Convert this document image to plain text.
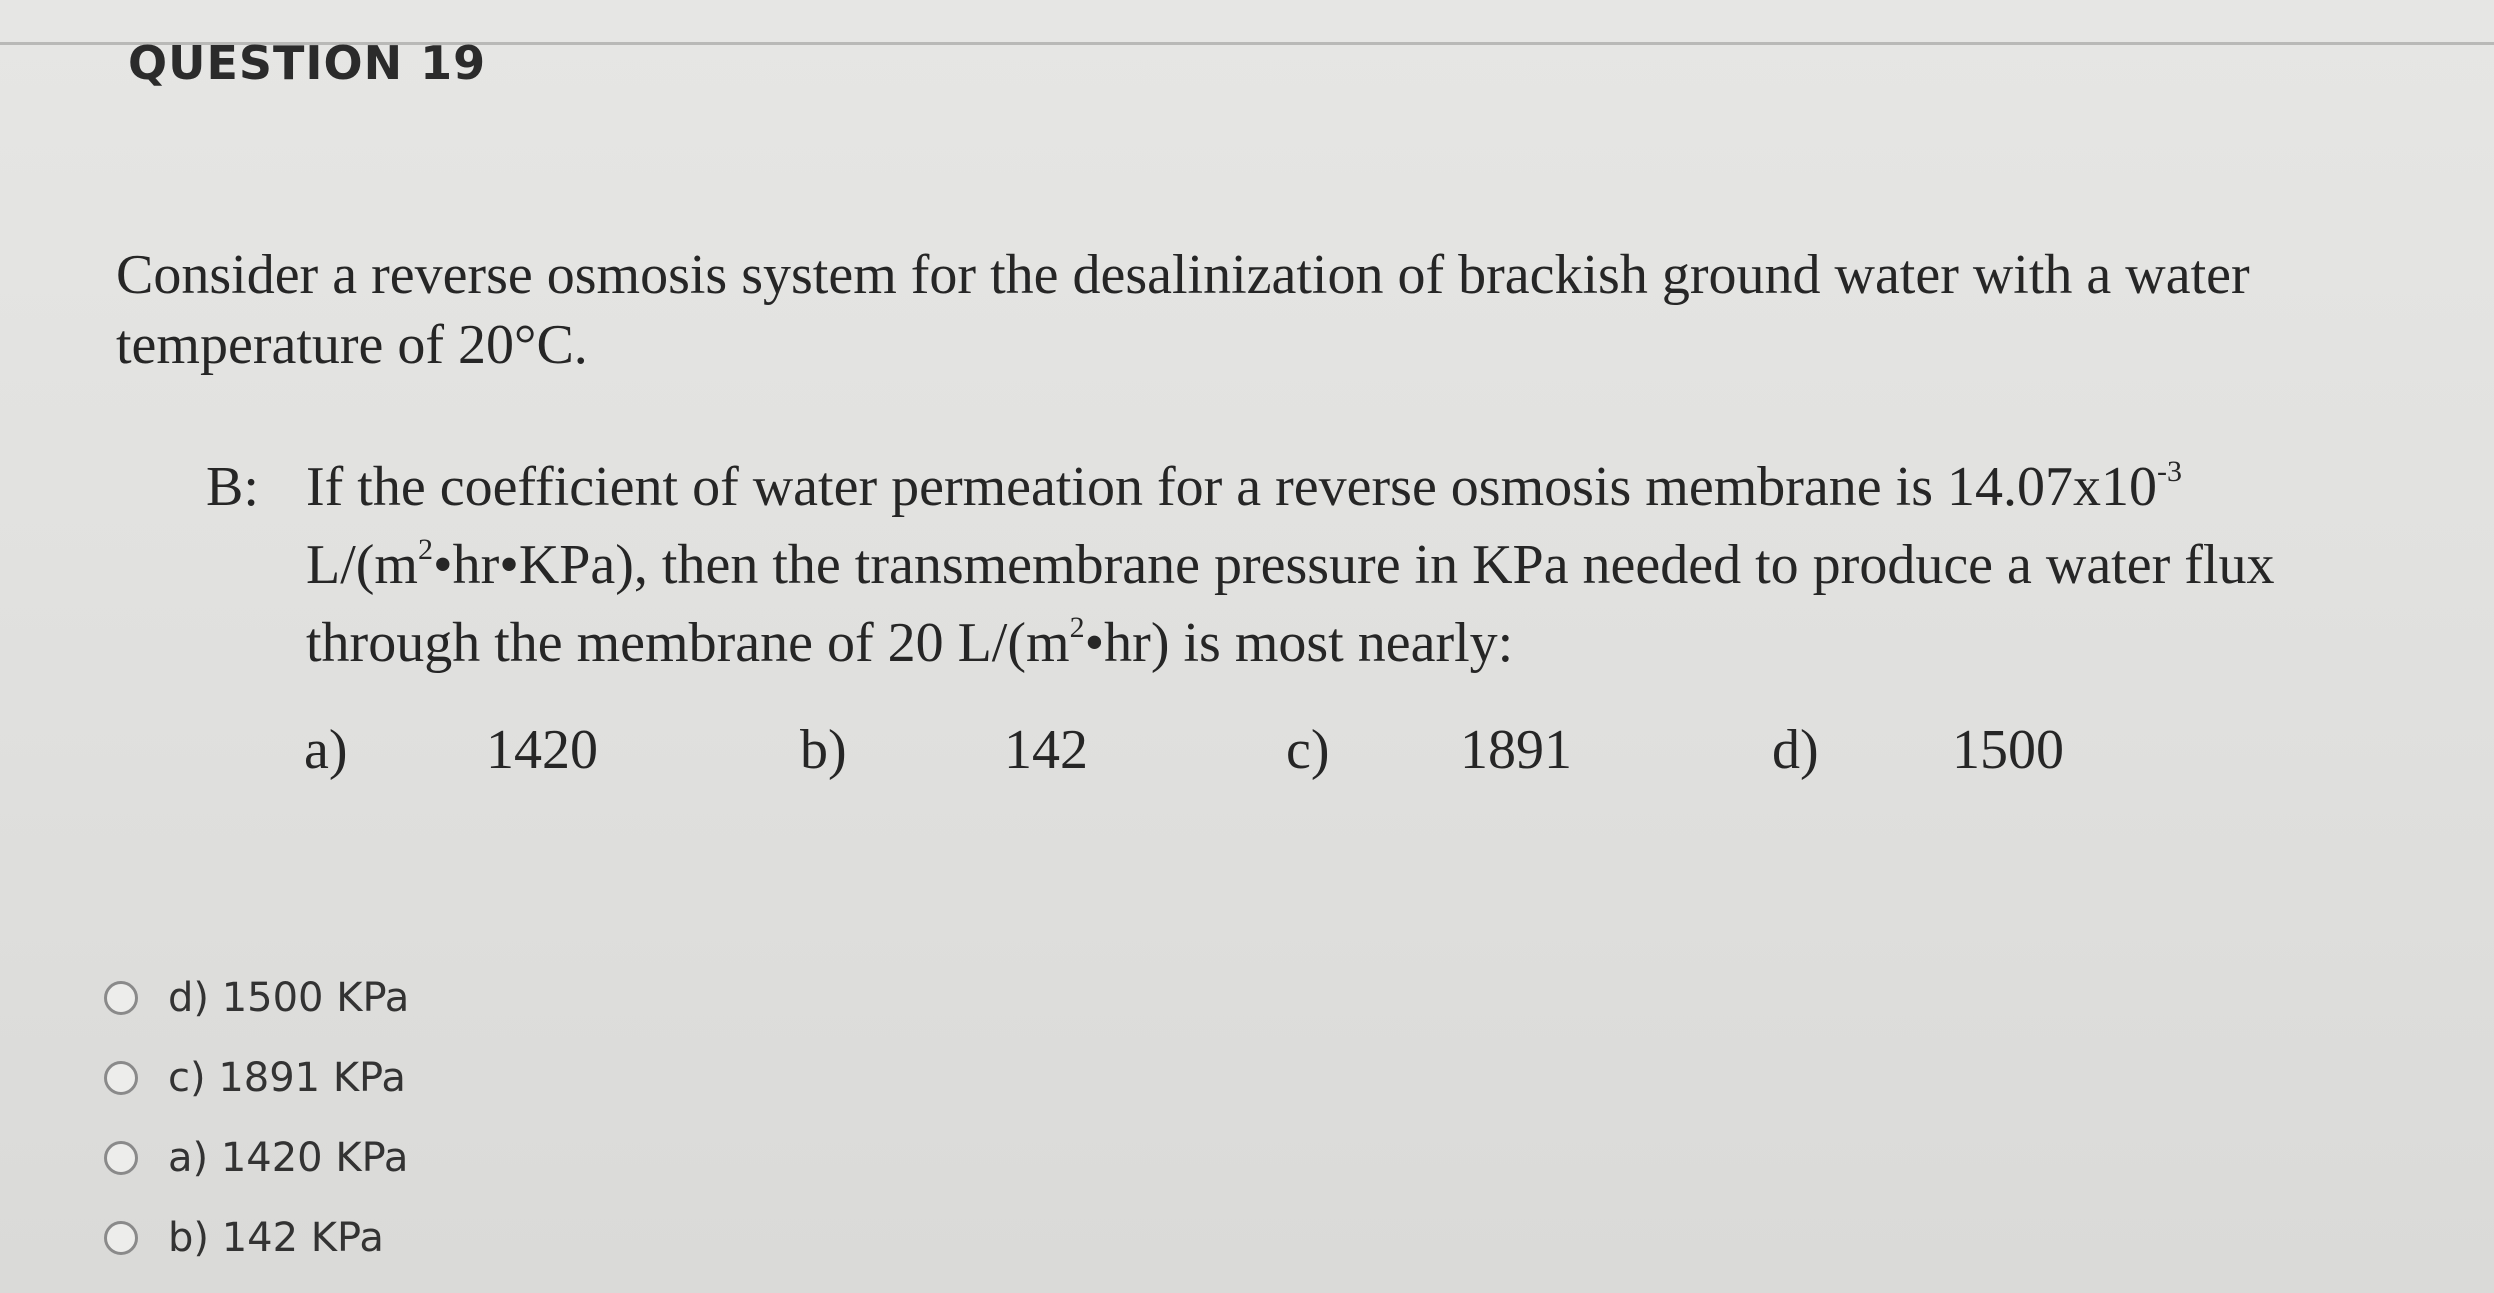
QUESTION 19
Consider a reverse osmosis system for the desalinization of brackish ground water with a water temperature of 20°C.
B: If the coefficient of water permeation for a reverse osmosis membrane is $14.07x10^{-3}$ $L/(m^2•hr•KPa)$, then the transmembrane pressure in KPa needed to produce a water flux through the membrane of 20 $L/(m^2•hr)$ is most nearly:
a) 1420	b)	142	c) 1891	d) 1500
d) 1500 KPa
c) 1891 KPa
a) 1420 KPa
b) 142 KPa
